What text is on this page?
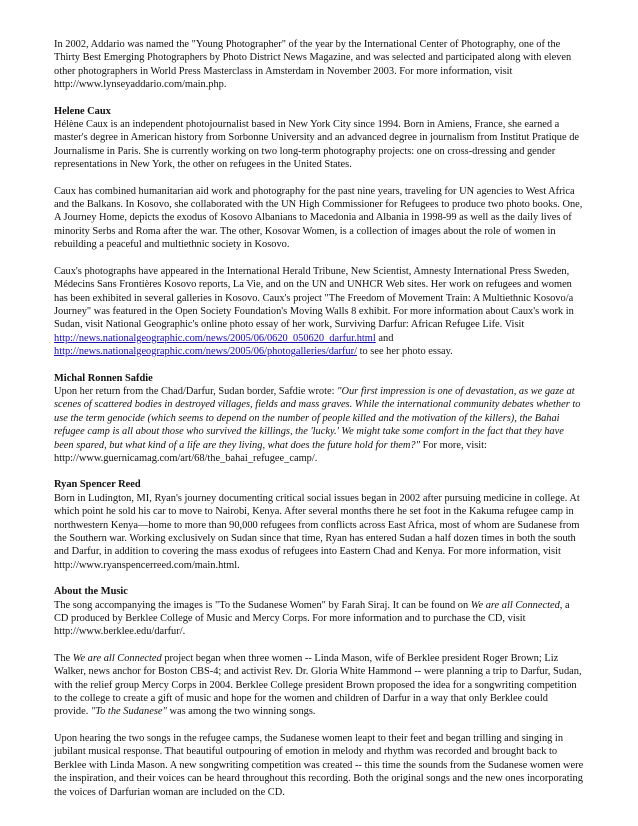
In 2002, Addario was named the "Young Photographer" of the year by the International Center of Photography, one of the Thirty Best Emerging Photographers by Photo District News Magazine, and was selected and participated along with eleven other photographers in World Press Masterclass in Amsterdam in November 2003. For more information, visit http://www.lynseyaddario.com/main.php.

Helene Caux
Hélène Caux is an independent photojournalist based in New York City since 1994. Born in Amiens, France, she earned a master's degree in American history from Sorbonne University and an advanced degree in journalism from Institut Pratique de Journalisme in Paris. She is currently working on two long-term photography projects: one on cross-dressing and gender representations in New York, the other on refugees in the United States.

Caux has combined humanitarian aid work and photography for the past nine years, traveling for UN agencies to West Africa and the Balkans. In Kosovo, she collaborated with the UN High Commissioner for Refugees to produce two photo books. One, A Journey Home, depicts the exodus of Kosovo Albanians to Macedonia and Albania in 1998-99 as well as the daily lives of minority Serbs and Roma after the war. The other, Kosovar Women, is a collection of images about the role of women in rebuilding a peaceful and multiethnic society in Kosovo.

Caux's photographs have appeared in the International Herald Tribune, New Scientist, Amnesty International Press Sweden, Médecins Sans Frontières Kosovo reports, La Vie, and on the UN and UNHCR Web sites. Her work on refugees and women has been exhibited in several galleries in Kosovo. Caux's project "The Freedom of Movement Train: A Multiethnic Kosovo/a Journey" was featured in the Open Society Foundation's Moving Walls 8 exhibit. For more information about Caux's work in Sudan, visit National Geographic's online photo essay of her work, Surviving Darfur: African Refugee Life. Visit http://news.nationalgeographic.com/news/2005/06/0620_050620_darfur.html and http://news.nationalgeographic.com/news/2005/06/photogalleries/darfur/ to see her photo essay.

Michal Ronnen Safdie
Upon her return from the Chad/Darfur, Sudan border, Safdie wrote: "Our first impression is one of devastation, as we gaze at scenes of scattered bodies in destroyed villages, fields and mass graves. While the international community debates whether to use the term genocide (which seems to depend on the number of people killed and the motivation of the killers), the Bahai refugee camp is all about those who survived the killings, the 'lucky.' We might take some comfort in the fact that they have been spared, but what kind of a life are they living, what does the future hold for them?" For more, visit: http://www.guernicamag.com/art/68/the_bahai_refugee_camp/.

Ryan Spencer Reed
Born in Ludington, MI, Ryan's journey documenting critical social issues began in 2002 after pursuing medicine in college. At which point he sold his car to move to Nairobi, Kenya. After several months there he set foot in the Kakuma refugee camp in northwestern Kenya—home to more than 90,000 refugees from conflicts across East Africa, most of whom are Sudanese from the Southern war. Working exclusively on Sudan since that time, Ryan has entered Sudan a half dozen times in both the south and Darfur, in addition to covering the mass exodus of refugees into Eastern Chad and Kenya. For more information, visit http://www.ryanspencerreed.com/main.html.

About the Music
The song accompanying the images is "To the Sudanese Women" by Farah Siraj. It can be found on We are all Connected, a CD produced by Berklee College of Music and Mercy Corps. For more information and to purchase the CD, visit http://www.berklee.edu/darfur/.

The We are all Connected project began when three women -- Linda Mason, wife of Berklee president Roger Brown; Liz Walker, news anchor for Boston CBS-4; and activist Rev. Dr. Gloria White Hammond -- were planning a trip to Darfur, Sudan, with the relief group Mercy Corps in 2004. Berklee College president Brown proposed the idea for a songwriting competition to the college to create a gift of music and hope for the women and children of Darfur in a way that only Berklee could provide. "To the Sudanese" was among the two winning songs.

Upon hearing the two songs in the refugee camps, the Sudanese women leapt to their feet and began trilling and singing in jubilant musical response. That beautiful outpouring of emotion in melody and rhythm was recorded and brought back to Berklee with Linda Mason. A new songwriting competition was created -- this time the sounds from the Sudanese women were the inspiration, and their voices can be heard throughout this recording. Both the original songs and the new ones incorporating the voices of Darfurian woman are included on the CD.
